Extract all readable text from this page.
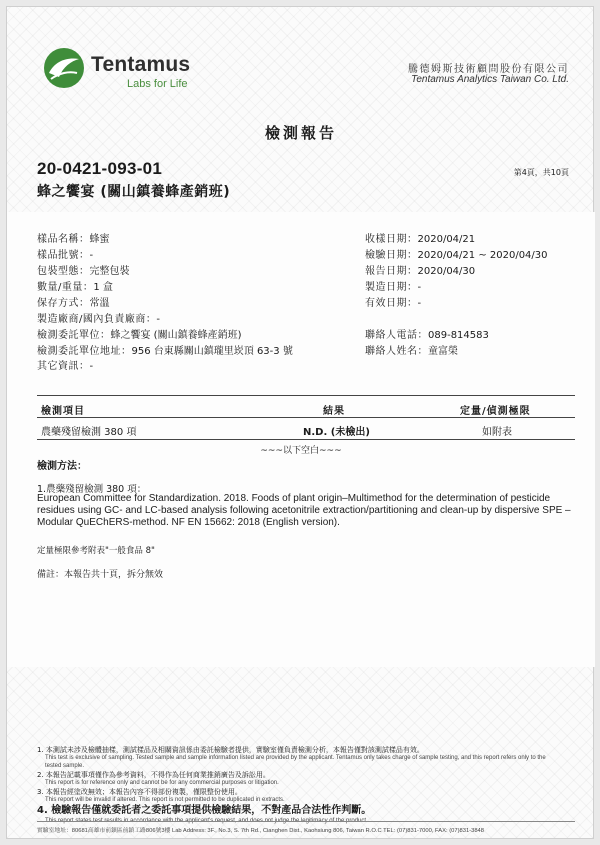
Tentamus
Labs for Life
騰德姆斯技術顧問股份有限公司
Tentamus Analytics Taiwan Co. Ltd.
檢測報告
20-0421-093-01	第4頁，共10頁
蜂之饗宴 (關山鎮養蜂產銷班)
樣品名稱：蜂蜜
樣品批號：-
包裝型態：完整包裝
數量/重量：1 盒
保存方式：常溫
製造廠商/國內負責廠商：-
檢測委託單位：蜂之饗宴 (關山鎮養蜂產銷班)
檢測委託單位地址：956 台東縣關山鎮瓏里崁頂 63-3 號
其它資訊：-
收樣日期：2020/04/21
檢驗日期：2020/04/21 ~ 2020/04/30
報告日期：2020/04/30
製造日期：-
有效日期：-
聯絡人電話：089-814583
聯絡人姓名：童富榮
檢測項目	結果	定量/偵測極限
農藥殘留檢測 380 項	N.D. (未檢出)	如附表
~~~以下空白~~~
檢測方法：
1.農藥殘留檢測 380 項：
European Committee for Standardization. 2018. Foods of plant origin–Multimethod for the determination of pesticide residues using GC- and LC-based analysis following acetonitrile extraction/partitioning and clean-up by dispersive SPE – Modular QuEChERS-method. NF EN 15662: 2018 (English version).
定量極限參考附表"一般食品 8"
備註：本報告共十頁，拆分無效
1. 本測試未涉及檢體抽樣，測試樣品及相關資訊係由委託檢驗者提供，實驗室僅負責檢測分析，本報告僅對該測試樣品有效。
This test is exclusive of sampling. Tested sample and sample information listed are provided by the applicant. Tentamus only takes charge of sample testing, and this report refers only to the tested sample.
2. 本報告記載事項僅作為參考資料，不得作為任何商業推銷廣告及訴訟用。
This report is for reference only and cannot be for any commercial purposes or litigation.
3. 本報告經塗改無效；本報告內容不得部份複製，僅限整份使用。
This report will be invalid if altered. This report is not permitted to be duplicated in extracts.
4. 檢驗報告僅就委託者之委託事項提供檢驗結果，不對產品合法性作判斷。
實驗室地址：80681高雄市前鎮區前鎮工路806號3樓 Lab Address: 3F., No.3, S. 7th Rd., Cianghen Dist., Kaohsiung 806, Taiwan R.O.C TEL: (07)831-7000, FAX: (07)831-3848
